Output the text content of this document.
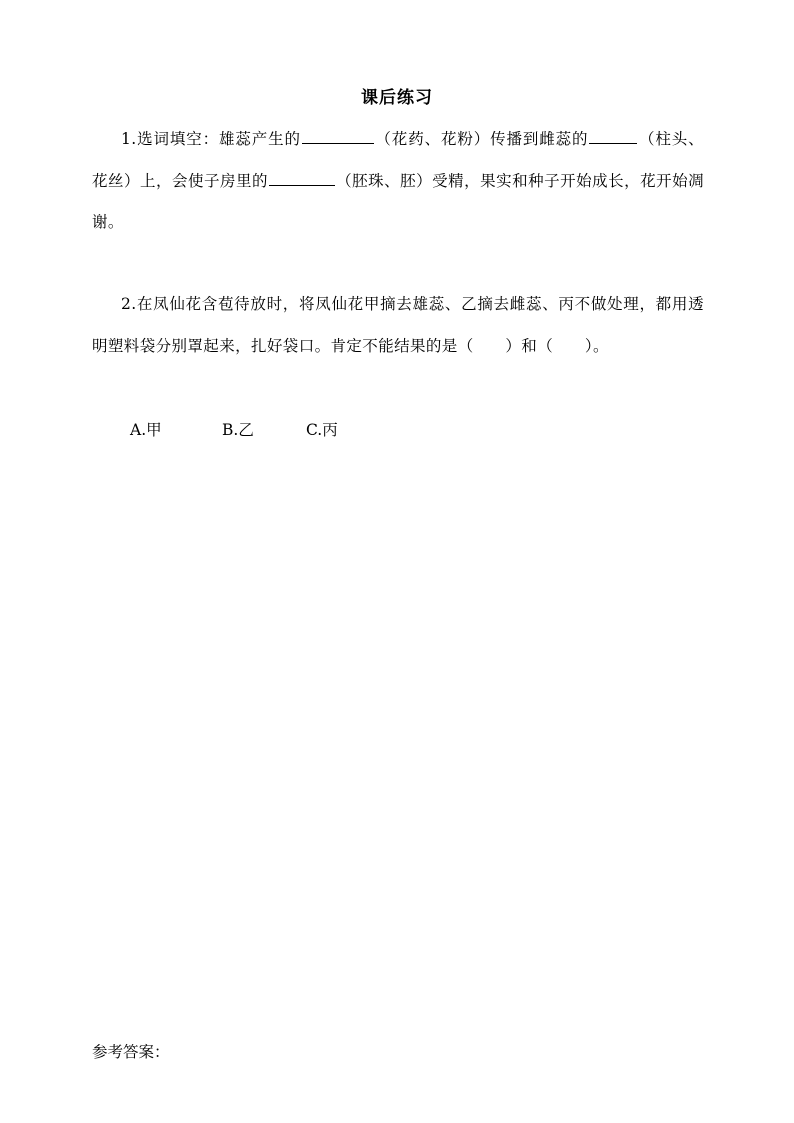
课后练习
1.选词填空：雄蕊产生的	（花药、花粉）传播到雌蕊的	（柱头、花丝）上，会使子房里的	（胚珠、胚）受精，果实和种子开始成长，花开始凋谢。
2.在凤仙花含苞待放时，将凤仙花甲摘去雄蕊、乙摘去雌蕊、丙不做处理，都用透明塑料袋分别罩起来，扎好袋口。肯定不能结果的是（　　）和（　　）。
A.甲	B.乙	C.丙
参考答案：
